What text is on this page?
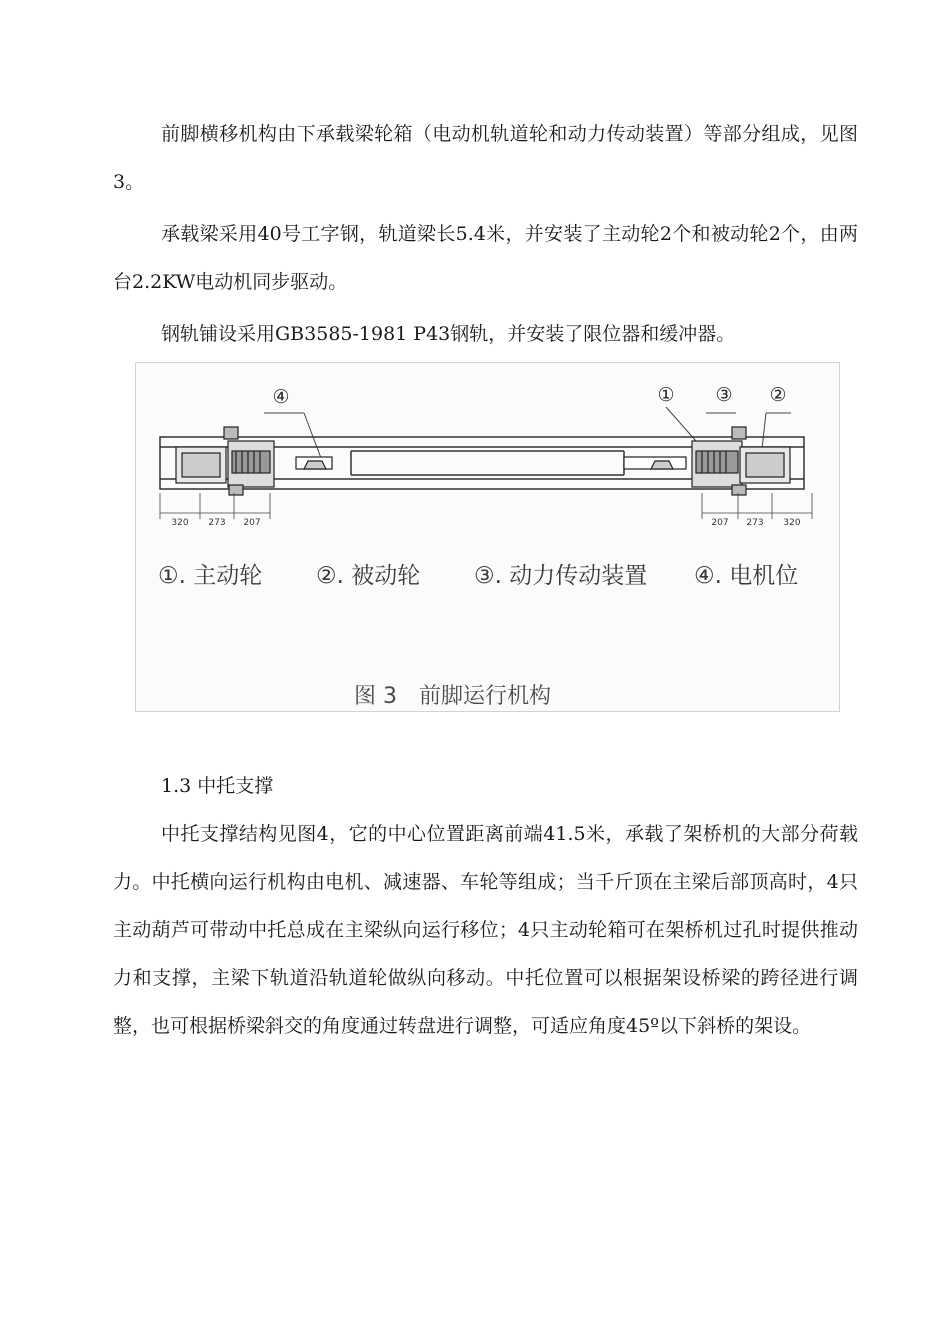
前脚横移机构由下承载梁轮箱（电动机轨道轮和动力传动装置）等部分组成，见图3。

承载梁采用40号工字钢，轨道梁长5.4米，并安装了主动轮2个和被动轮2个，由两台2.2KW电动机同步驱动。

钢轨铺设采用GB3585-1981 P43钢轨，并安装了限位器和缓冲器。

④	① ③ ②
320 273 207	207 273 320
①. 主动轮 ②. 被动轮 ③. 动力传动装置 ④. 电机位
图 3　前脚运行机构

1.3 中托支撑

中托支撑结构见图4，它的中心位置距离前端41.5米，承载了架桥机的大部分荷载力。中托横向运行机构由电机、减速器、车轮等组成；当千斤顶在主梁后部顶高时，4只主动葫芦可带动中托总成在主梁纵向运行移位；4只主动轮箱可在架桥机过孔时提供推动力和支撑，主梁下轨道沿轨道轮做纵向移动。中托位置可以根据架设桥梁的跨径进行调整，也可根据桥梁斜交的角度通过转盘进行调整，可适应角度45º以下斜桥的架设。
